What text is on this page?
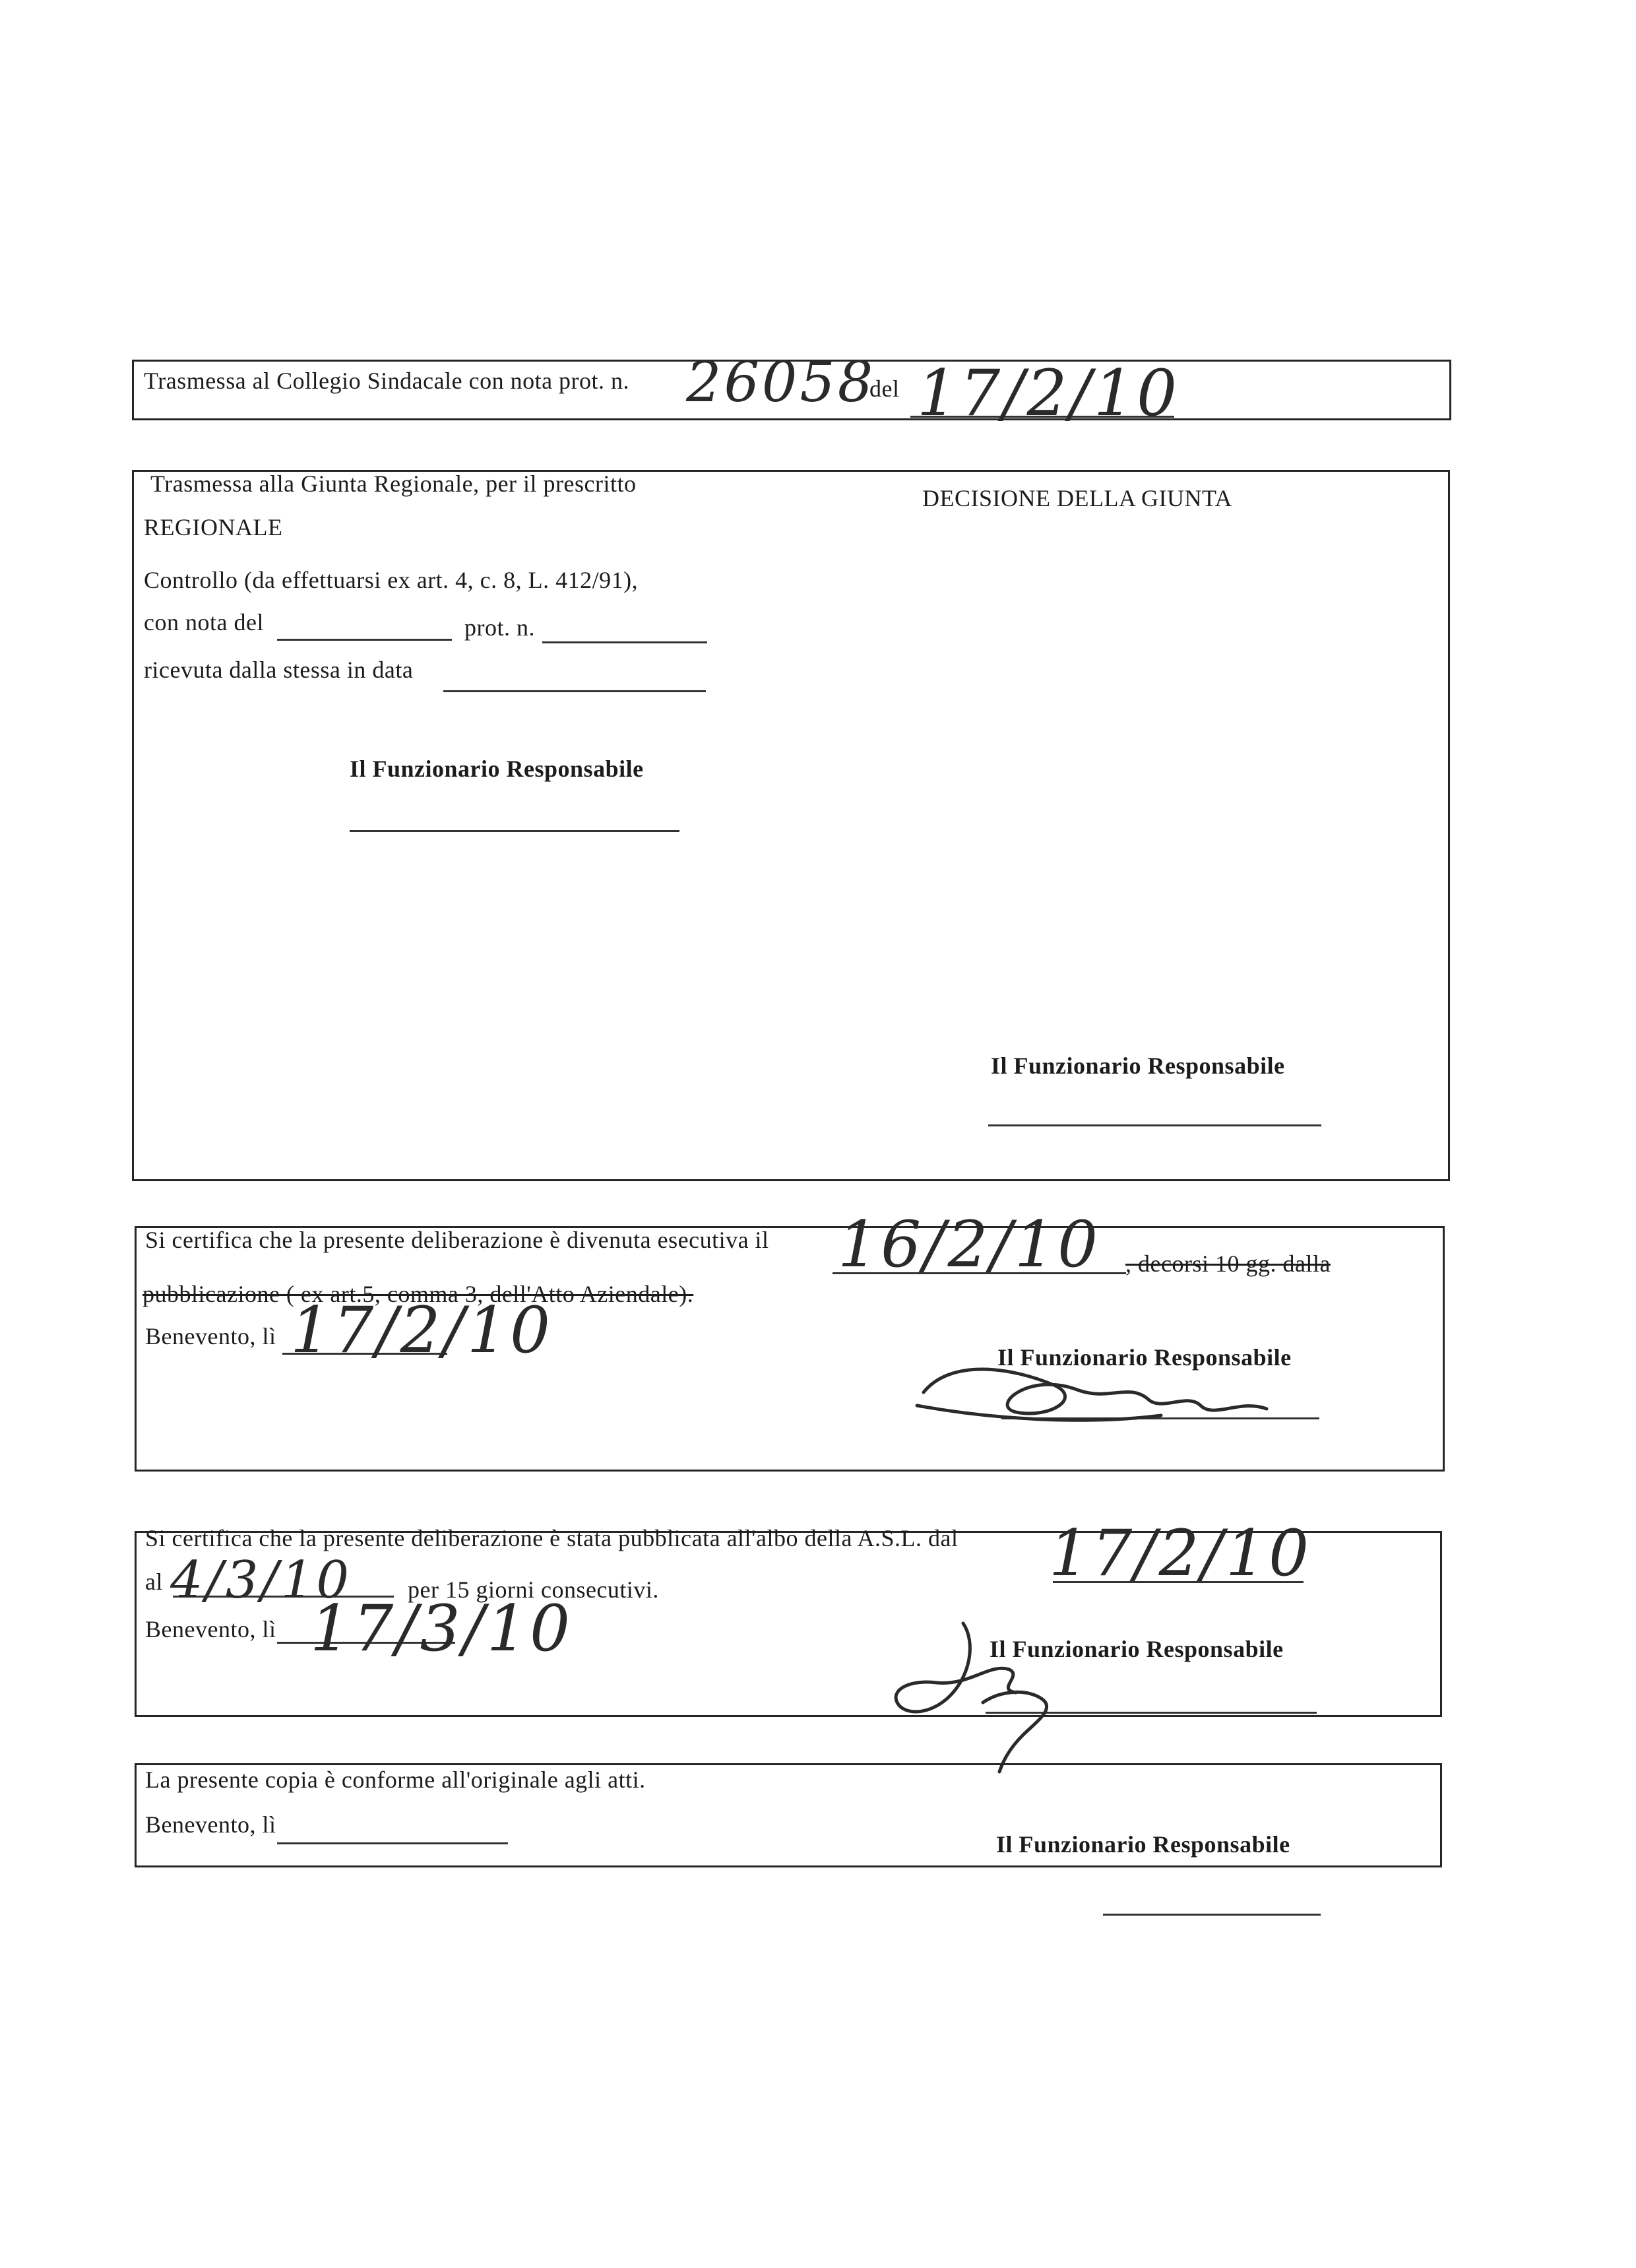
Trasmessa al Collegio Sindacale con nota prot. n. 26058
del 17/2/10
Trasmessa alla Giunta Regionale, per il prescritto
REGIONALE
DECISIONE DELLA GIUNTA
Controllo (da effettuarsi ex art. 4, c. 8, L. 412/91),
con nota del	prot. n.
ricevuta dalla stessa in data
Il Funzionario Responsabile
Il Funzionario Responsabile
Si certifica che la presente deliberazione è divenuta esecutiva il 16/2/10 , decorsi 10 gg. dalla
pubblicazione ( ex art.5, comma 3, dell'Atto Aziendale).
Benevento, lì 17/2/10	Il Funzionario Responsabile
Si certifica che la presente deliberazione è stata pubblicata all'albo della A.S.L. dal 17/2/10
al 4/3/10 per 15 giorni consecutivi.
Benevento, lì 17/3/10	Il Funzionario Responsabile
La presente copia è conforme all'originale agli atti.
Benevento, lì
Il Funzionario Responsabile
